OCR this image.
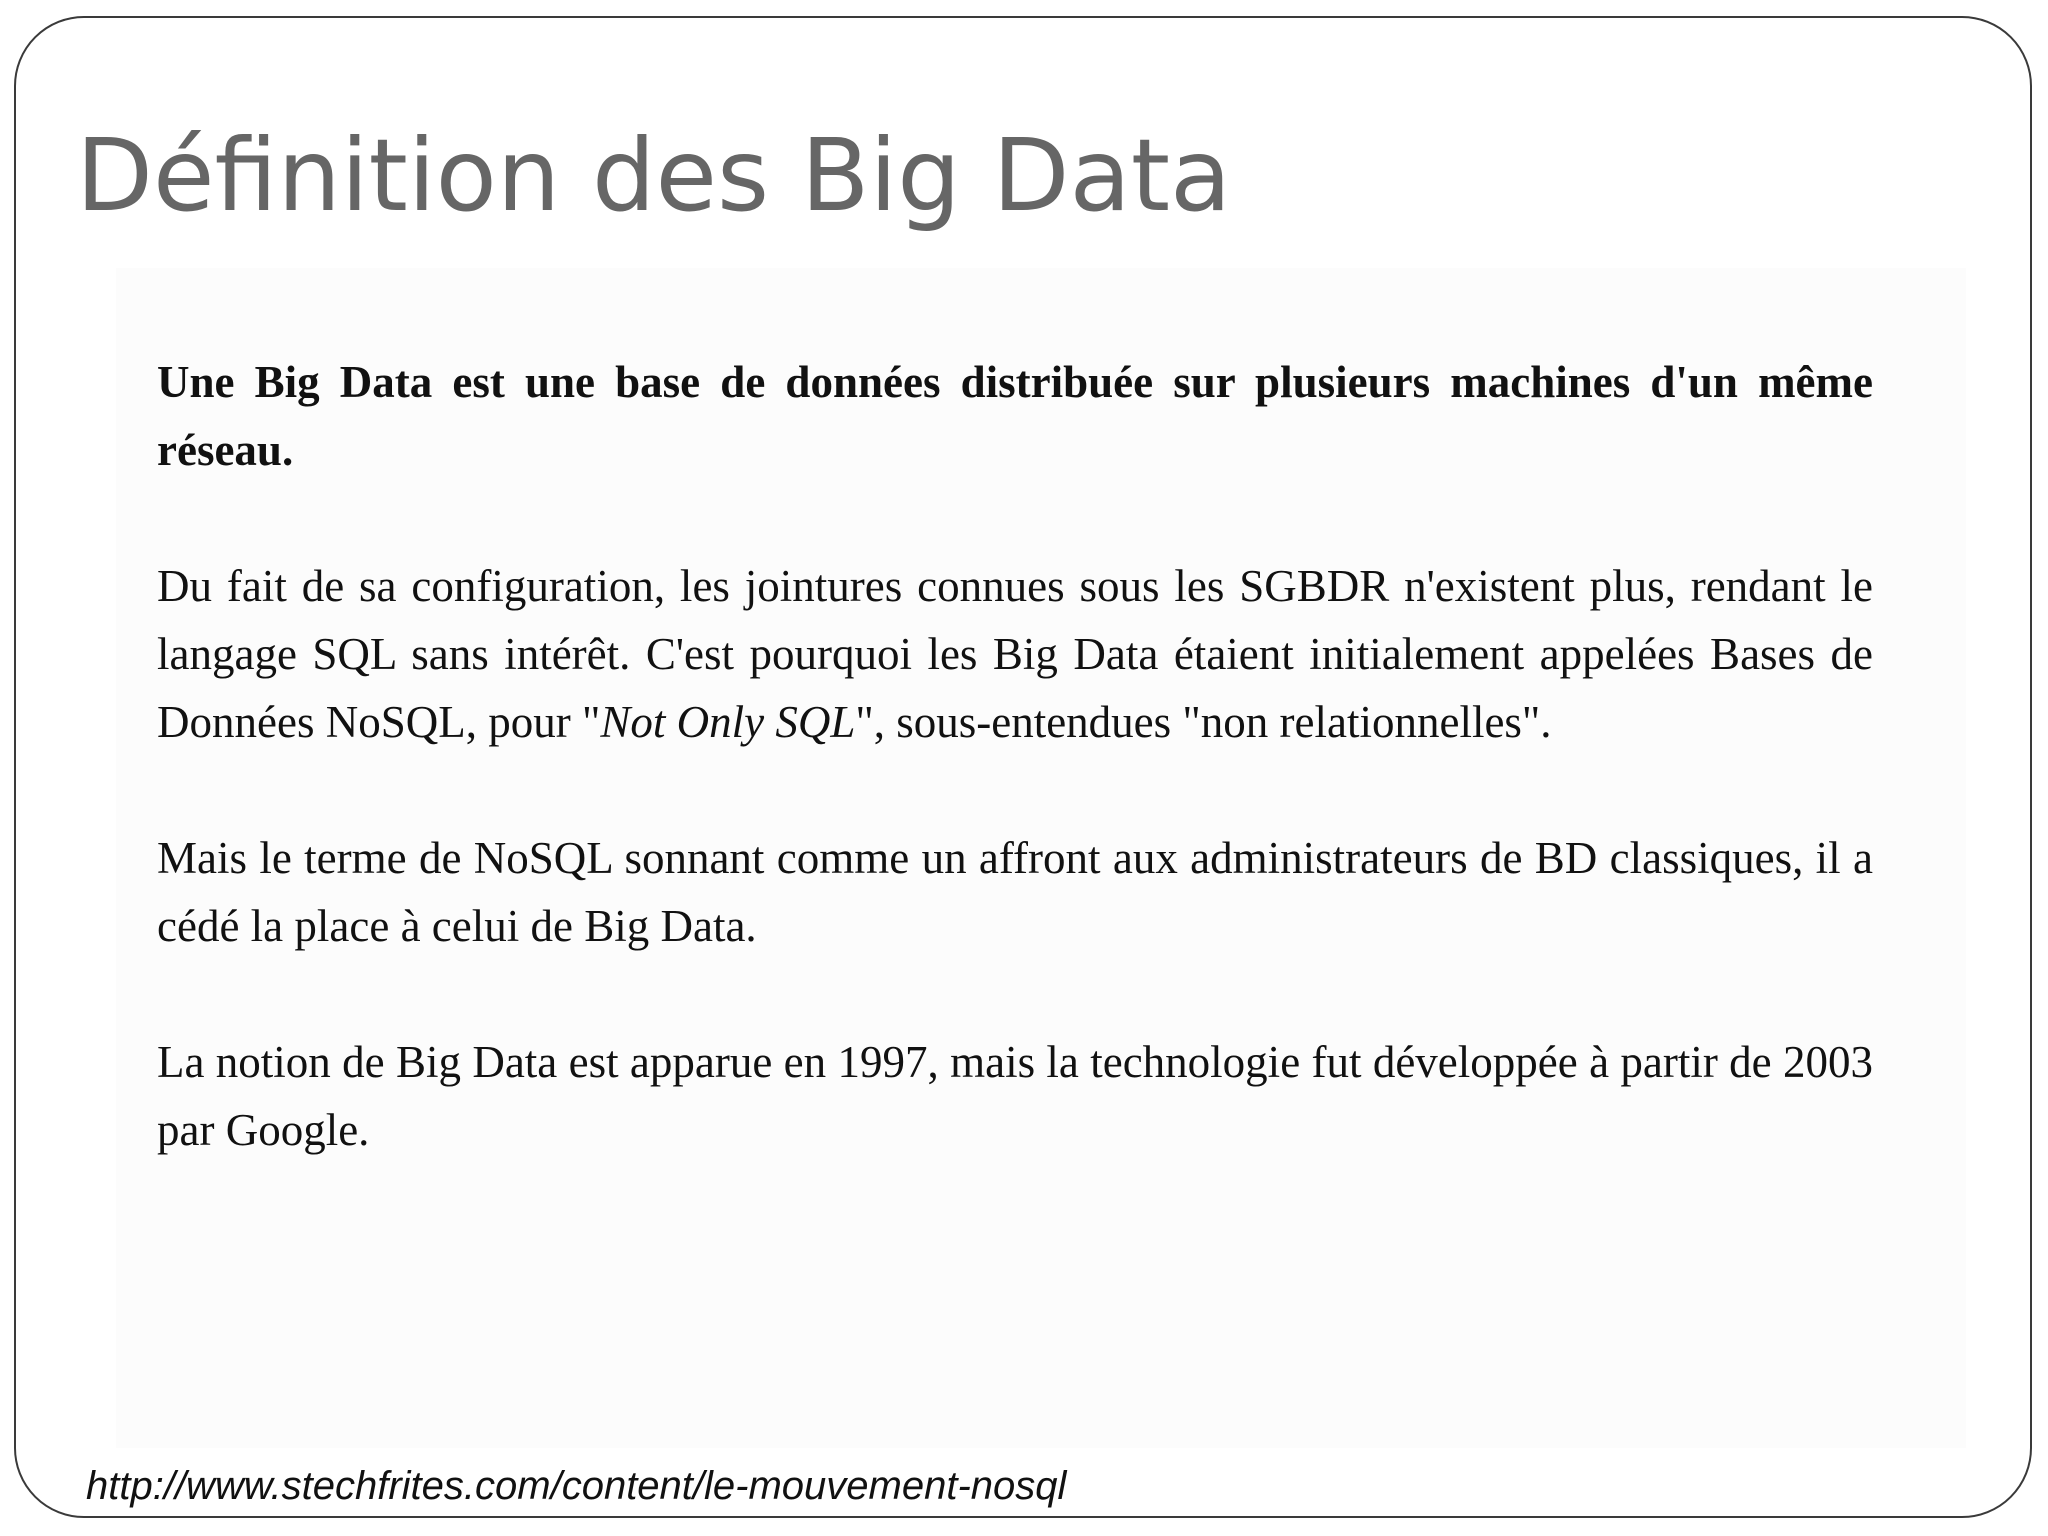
Définition des Big Data

Une Big Data est une base de données distribuée sur plusieurs machines d'un même réseau.

Du fait de sa configuration, les jointures connues sous les SGBDR n'existent plus, rendant le langage SQL sans intérêt. C'est pourquoi les Big Data étaient initialement appelées Bases de Données NoSQL, pour "Not Only SQL", sous-entendues "non relationnelles".

Mais le terme de NoSQL sonnant comme un affront aux administrateurs de BD classiques, il a cédé la place à celui de Big Data.

La notion de Big Data est apparue en 1997, mais la technologie fut développée à partir de 2003 par Google.

http://www.stechfrites.com/content/le-mouvement-nosql
